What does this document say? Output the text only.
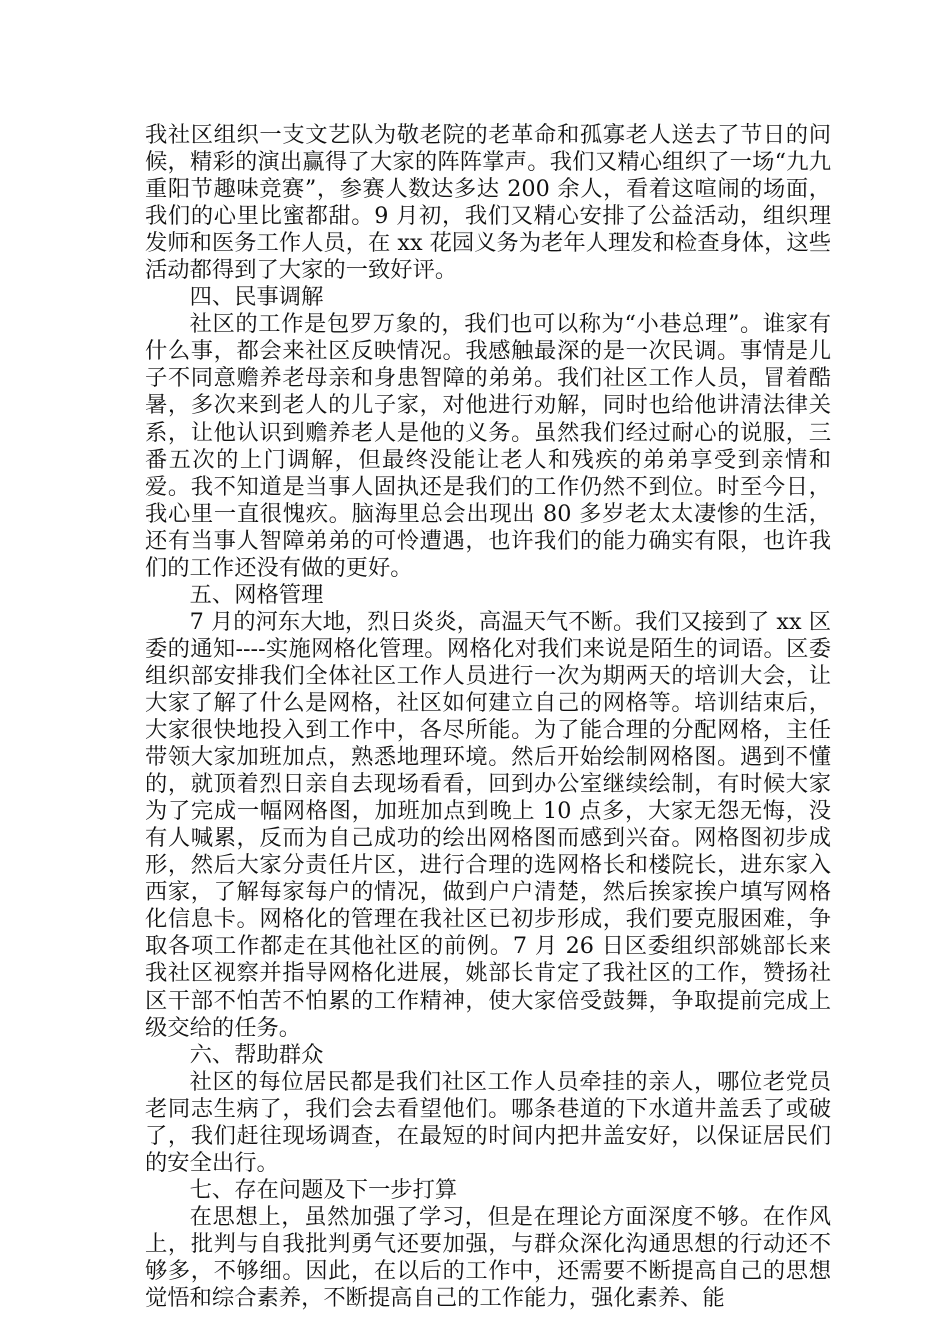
我社区组织一支文艺队为敬老院的老革命和孤寡老人送去了节日的问候，精彩的演出赢得了大家的阵阵掌声。我们又精心组织了一场“九九重阳节趣味竞赛”，参赛人数达多达 200 余人，看着这喧闹的场面，我们的心里比蜜都甜。9 月初，我们又精心安排了公益活动，组织理发师和医务工作人员，在 xx 花园义务为老年人理发和检查身体，这些活动都得到了大家的一致好评。

四、民事调解

社区的工作是包罗万象的，我们也可以称为“小巷总理”。谁家有什么事，都会来社区反映情况。我感触最深的是一次民调。事情是儿子不同意赡养老母亲和身患智障的弟弟。我们社区工作人员，冒着酷暑，多次来到老人的儿子家，对他进行劝解，同时也给他讲清法律关系，让他认识到赡养老人是他的义务。虽然我们经过耐心的说服，三番五次的上门调解，但最终没能让老人和残疾的弟弟享受到亲情和爱。我不知道是当事人固执还是我们的工作仍然不到位。时至今日，我心里一直很愧疚。脑海里总会出现出 80 多岁老太太凄惨的生活，还有当事人智障弟弟的可怜遭遇，也许我们的能力确实有限，也许我们的工作还没有做的更好。

五、网格管理

7 月的河东大地，烈日炎炎，高温天气不断。我们又接到了 xx 区委的通知----实施网格化管理。网格化对我们来说是陌生的词语。区委组织部安排我们全体社区工作人员进行一次为期两天的培训大会，让大家了解了什么是网格，社区如何建立自己的网格等。培训结束后，大家很快地投入到工作中，各尽所能。为了能合理的分配网格，主任带领大家加班加点，熟悉地理环境。然后开始绘制网格图。遇到不懂的，就顶着烈日亲自去现场看看，回到办公室继续绘制，有时候大家为了完成一幅网格图，加班加点到晚上 10 点多，大家无怨无悔，没有人喊累，反而为自己成功的绘出网格图而感到兴奋。网格图初步成形，然后大家分责任片区，进行合理的选网格长和楼院长，进东家入西家，了解每家每户的情况，做到户户清楚，然后挨家挨户填写网格化信息卡。网格化的管理在我社区已初步形成，我们要克服困难，争取各项工作都走在其他社区的前例。7 月 26 日区委组织部姚部长来我社区视察并指导网格化进展，姚部长肯定了我社区的工作，赞扬社区干部不怕苦不怕累的工作精神，使大家倍受鼓舞，争取提前完成上级交给的任务。

六、帮助群众

社区的每位居民都是我们社区工作人员牵挂的亲人，哪位老党员老同志生病了，我们会去看望他们。哪条巷道的下水道井盖丢了或破了，我们赶往现场调查，在最短的时间内把井盖安好，以保证居民们的安全出行。

七、存在问题及下一步打算

在思想上，虽然加强了学习，但是在理论方面深度不够。在作风上，批判与自我批判勇气还要加强，与群众深化沟通思想的行动还不够多，不够细。因此，在以后的工作中，还需要不断提高自己的思想觉悟和综合素养，不断提高自己的工作能力，强化素养、能
